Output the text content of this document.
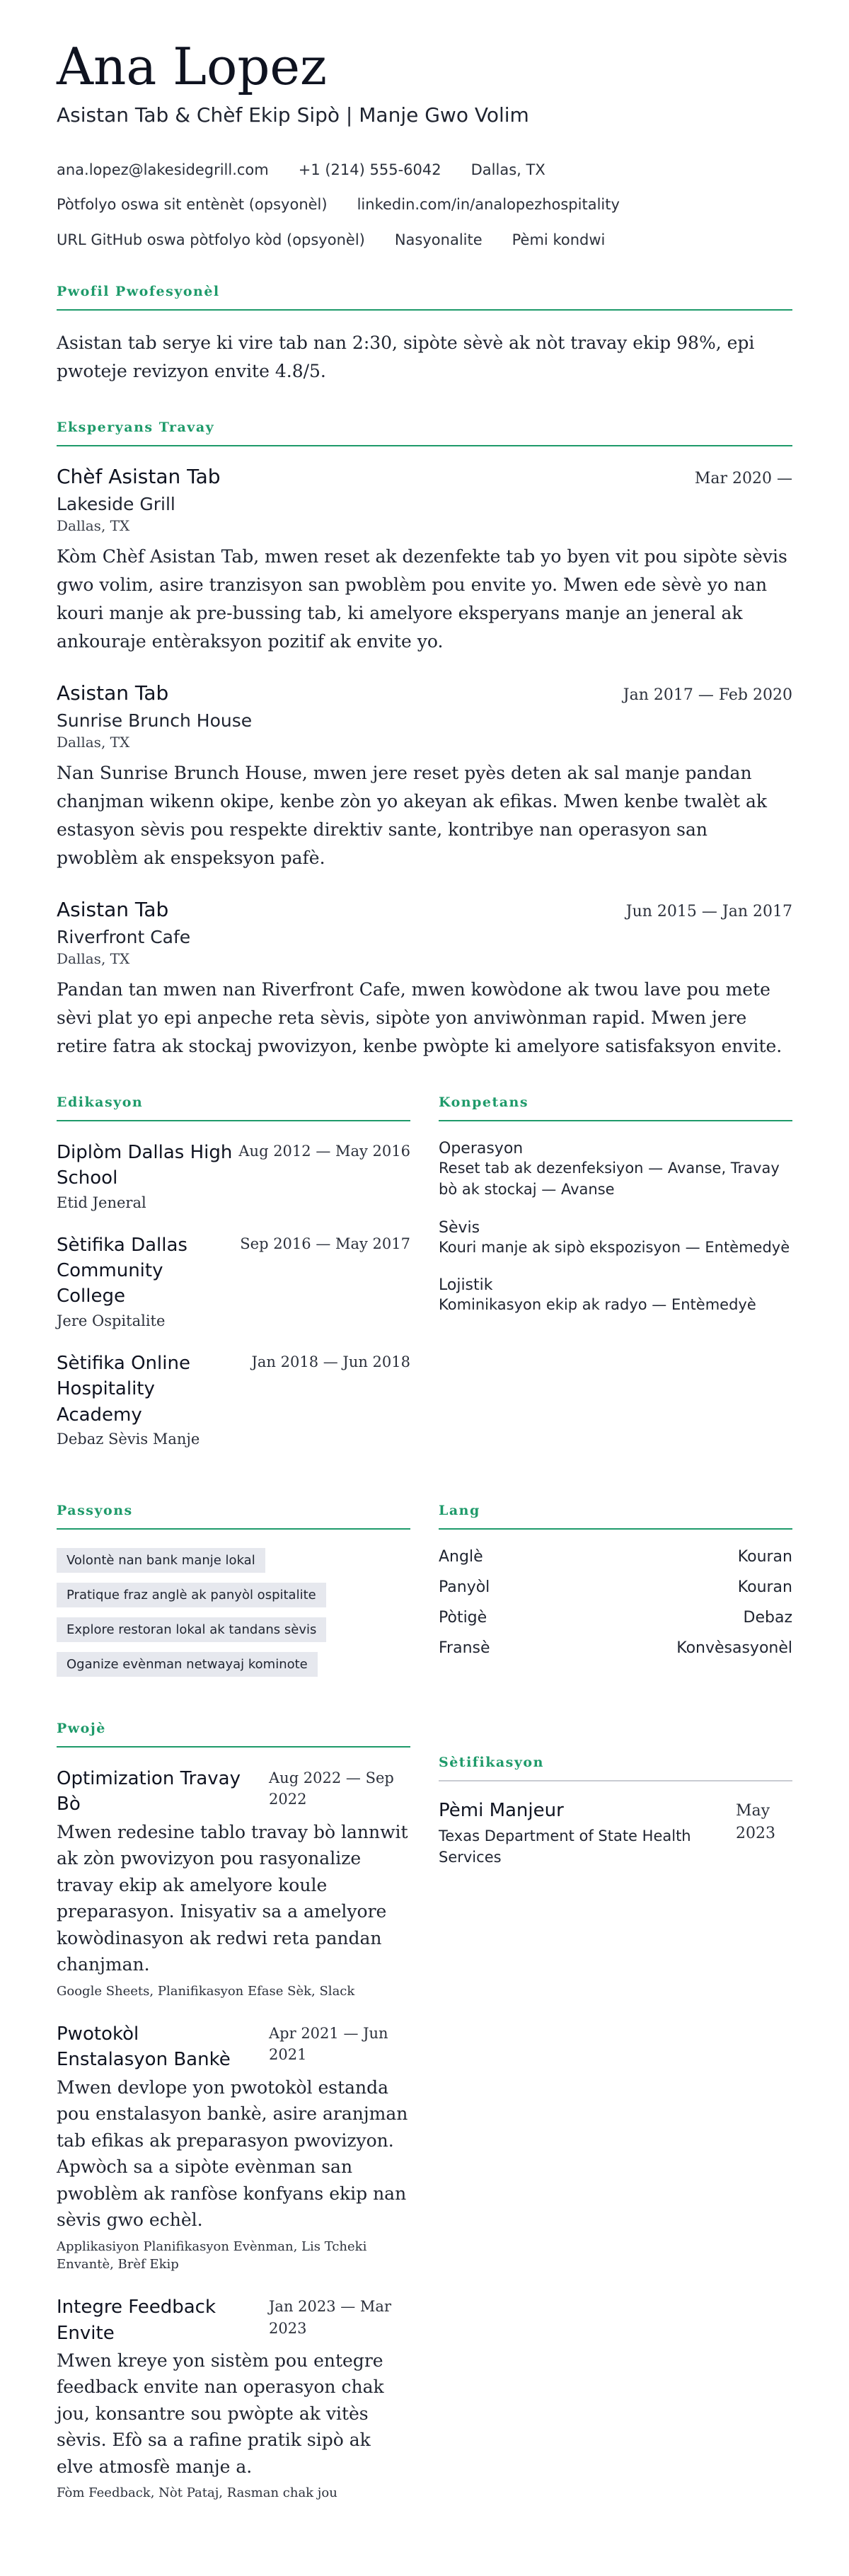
Ana Lopez
Asistan Tab & Chèf Ekip Sipò | Manje Gwo Volim
ana.lopez@lakesidegrill.com +1 (214) 555-6042 Dallas, TX
Pòtfolyo oswa sit entènèt (opsyonèl) linkedin.com/in/analopezhospitality
URL GitHub oswa pòtfolyo kòd (opsyonèl) Nasyonalite Pèmi kondwi
Pwofil Pwofesyonèl
Asistan tab serye ki vire tab nan 2:30, sipòte sèvè ak nòt travay ekip 98%, epi pwoteje revizyon envite 4.8/5.
Eksperyans Travay
Chèf Asistan Tab	Mar 2020 —
Lakeside Grill
Dallas, TX
Kòm Chèf Asistan Tab, mwen reset ak dezenfekte tab yo byen vit pou sipòte sèvis gwo volim, asire tranzisyon san pwoblèm pou envite yo. Mwen ede sèvè yo nan kouri manje ak pre-bussing tab, ki amelyore eksperyans manje an jeneral ak ankouraje entèraksyon pozitif ak envite yo.
Asistan Tab	Jan 2017 — Feb 2020
Sunrise Brunch House
Dallas, TX
Nan Sunrise Brunch House, mwen jere reset pyès deten ak sal manje pandan chanjman wikenn okipe, kenbe zòn yo akeyan ak efikas. Mwen kenbe twalèt ak estasyon sèvis pou respekte direktiv sante, kontribye nan operasyon san pwoblèm ak enspeksyon pafè.
Asistan Tab	Jun 2015 — Jan 2017
Riverfront Cafe
Dallas, TX
Pandan tan mwen nan Riverfront Cafe, mwen kowòdone ak twou lave pou mete sèvi plat yo epi anpeche reta sèvis, sipòte yon anviwònman rapid. Mwen jere retire fatra ak stockaj pwovizyon, kenbe pwòpte ki amelyore satisfaksyon envite.
Edikasyon
Diplòm Dallas High School
Aug 2012 — May 2016
Etid Jeneral
Sètifika Dallas Community College
Sep 2016 — May 2017
Jere Ospitalite
Sètifika Online Hospitality Academy
Jan 2018 — Jun 2018
Debaz Sèvis Manje
Konpetans
Operasyon
Reset tab ak dezenfeksiyon — Avanse, Travay bò ak stockaj — Avanse
Sèvis
Kouri manje ak sipò ekspozisyon — Entèmedyè
Lojistik
Kominikasyon ekip ak radyo — Entèmedyè
Passyons
Volontè nan bank manje lokal
Pratique fraz anglè ak panyòl ospitalite
Explore restoran lokal ak tandans sèvis
Oganize evènman netwayaj kominote
Lang
Anglè	Kouran
Panyòl	Kouran
Pòtigè	Debaz
Fransè	Konvèsasyonèl
Pwojè
Optimization Travay Bò
Aug 2022 — Sep 2022
Mwen redesine tablo travay bò lannwit ak zòn pwovizyon pou rasyonalize travay ekip ak amelyore koule preparasyon. Inisyativ sa a amelyore kowòdinasyon ak redwi reta pandan chanjman.
Google Sheets, Planifikasyon Efase Sèk, Slack
Pwotokòl Enstalasyon Bankè
Apr 2021 — Jun 2021
Mwen devlope yon pwotokòl estanda pou enstalasyon bankè, asire aranjman tab efikas ak preparasyon pwovizyon. Apwòch sa a sipòte evènman san pwoblèm ak ranfòse konfyans ekip nan sèvis gwo echèl.
Applikasiyon Planifikasyon Evènman, Lis Tcheki Envantè, Brèf Ekip
Integre Feedback Envite
Jan 2023 — Mar 2023
Mwen kreye yon sistèm pou entegre feedback envite nan operasyon chak jou, konsantre sou pwòpte ak vitès sèvis. Efò sa a rafine pratik sipò ak elve atmosfè manje a.
Fòm Feedback, Nòt Pataj, Rasman chak jou
Sètifikasyon
Pèmi Manjeur
Texas Department of State Health Services
May 2023
